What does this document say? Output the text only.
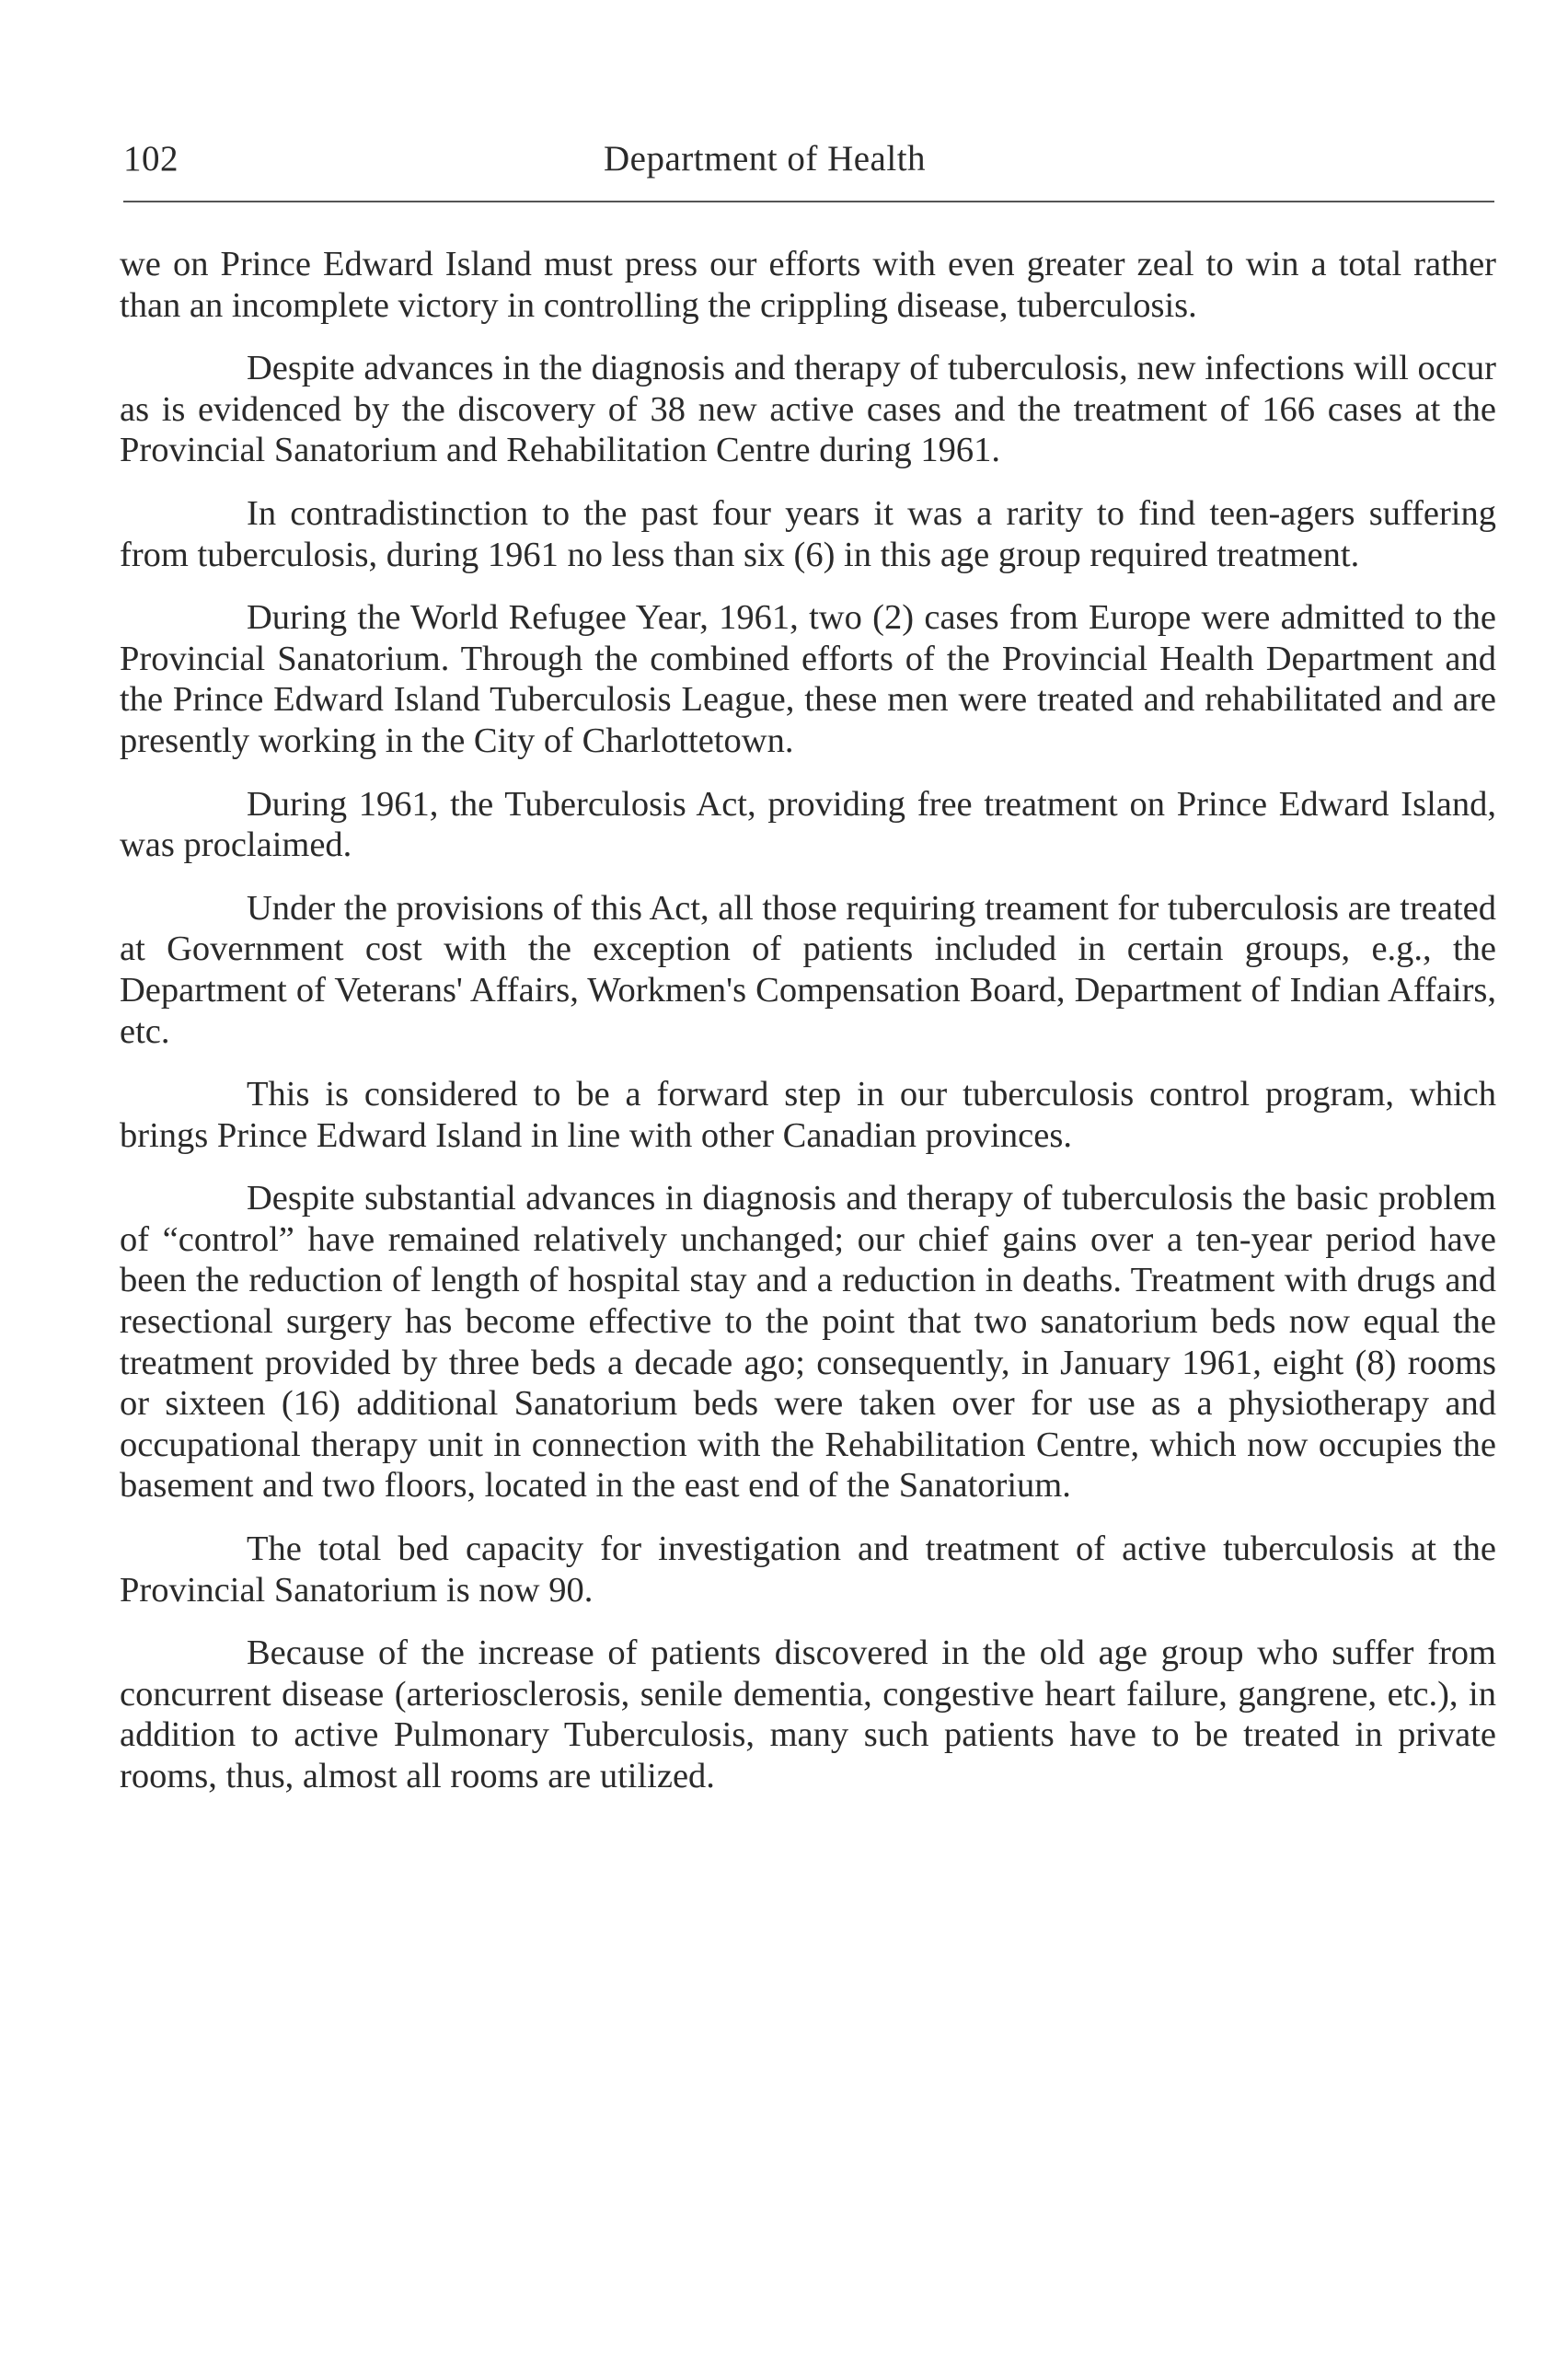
102	Department of Health

we on Prince Edward Island must press our efforts with even greater zeal to win a total rather than an incomplete victory in controlling the crippling disease, tuberculosis.

Despite advances in the diagnosis and therapy of tuberculosis, new infections will occur as is evidenced by the discovery of 38 new active cases and the treatment of 166 cases at the Provincial Sanatorium and Rehabilitation Centre during 1961.

In contradistinction to the past four years it was a rarity to find teen-agers suffering from tuberculosis, during 1961 no less than six (6) in this age group required treatment.

During the World Refugee Year, 1961, two (2) cases from Europe were admitted to the Provincial Sanatorium. Through the combined efforts of the Provincial Health Department and the Prince Edward Island Tuberculosis League, these men were treated and rehabilitated and are presently working in the City of Charlottetown.

During 1961, the Tuberculosis Act, providing free treatment on Prince Edward Island, was proclaimed.

Under the provisions of this Act, all those requiring treament for tuberculosis are treated at Government cost with the exception of patients included in certain groups, e.g., the Department of Veterans' Affairs, Workmen's Compensation Board, Department of Indian Affairs, etc.

This is considered to be a forward step in our tuberculosis control program, which brings Prince Edward Island in line with other Canadian provinces.

Despite substantial advances in diagnosis and therapy of tuberculosis the basic problem of “control” have remained relatively unchanged; our chief gains over a ten-year period have been the reduction of length of hospital stay and a reduction in deaths. Treatment with drugs and resectional surgery has become effective to the point that two sanatorium beds now equal the treatment provided by three beds a decade ago; consequently, in January 1961, eight (8) rooms or sixteen (16) additional Sanatorium beds were taken over for use as a physiotherapy and occupational therapy unit in connection with the Rehabilitation Centre, which now occupies the basement and two floors, located in the east end of the Sanatorium.

The total bed capacity for investigation and treatment of active tuberculosis at the Provincial Sanatorium is now 90.

Because of the increase of patients discovered in the old age group who suffer from concurrent disease (arteriosclerosis, senile dementia, congestive heart failure, gangrene, etc.), in addition to active Pulmonary Tuberculosis, many such patients have to be treated in private rooms, thus, almost all rooms are utilized.
